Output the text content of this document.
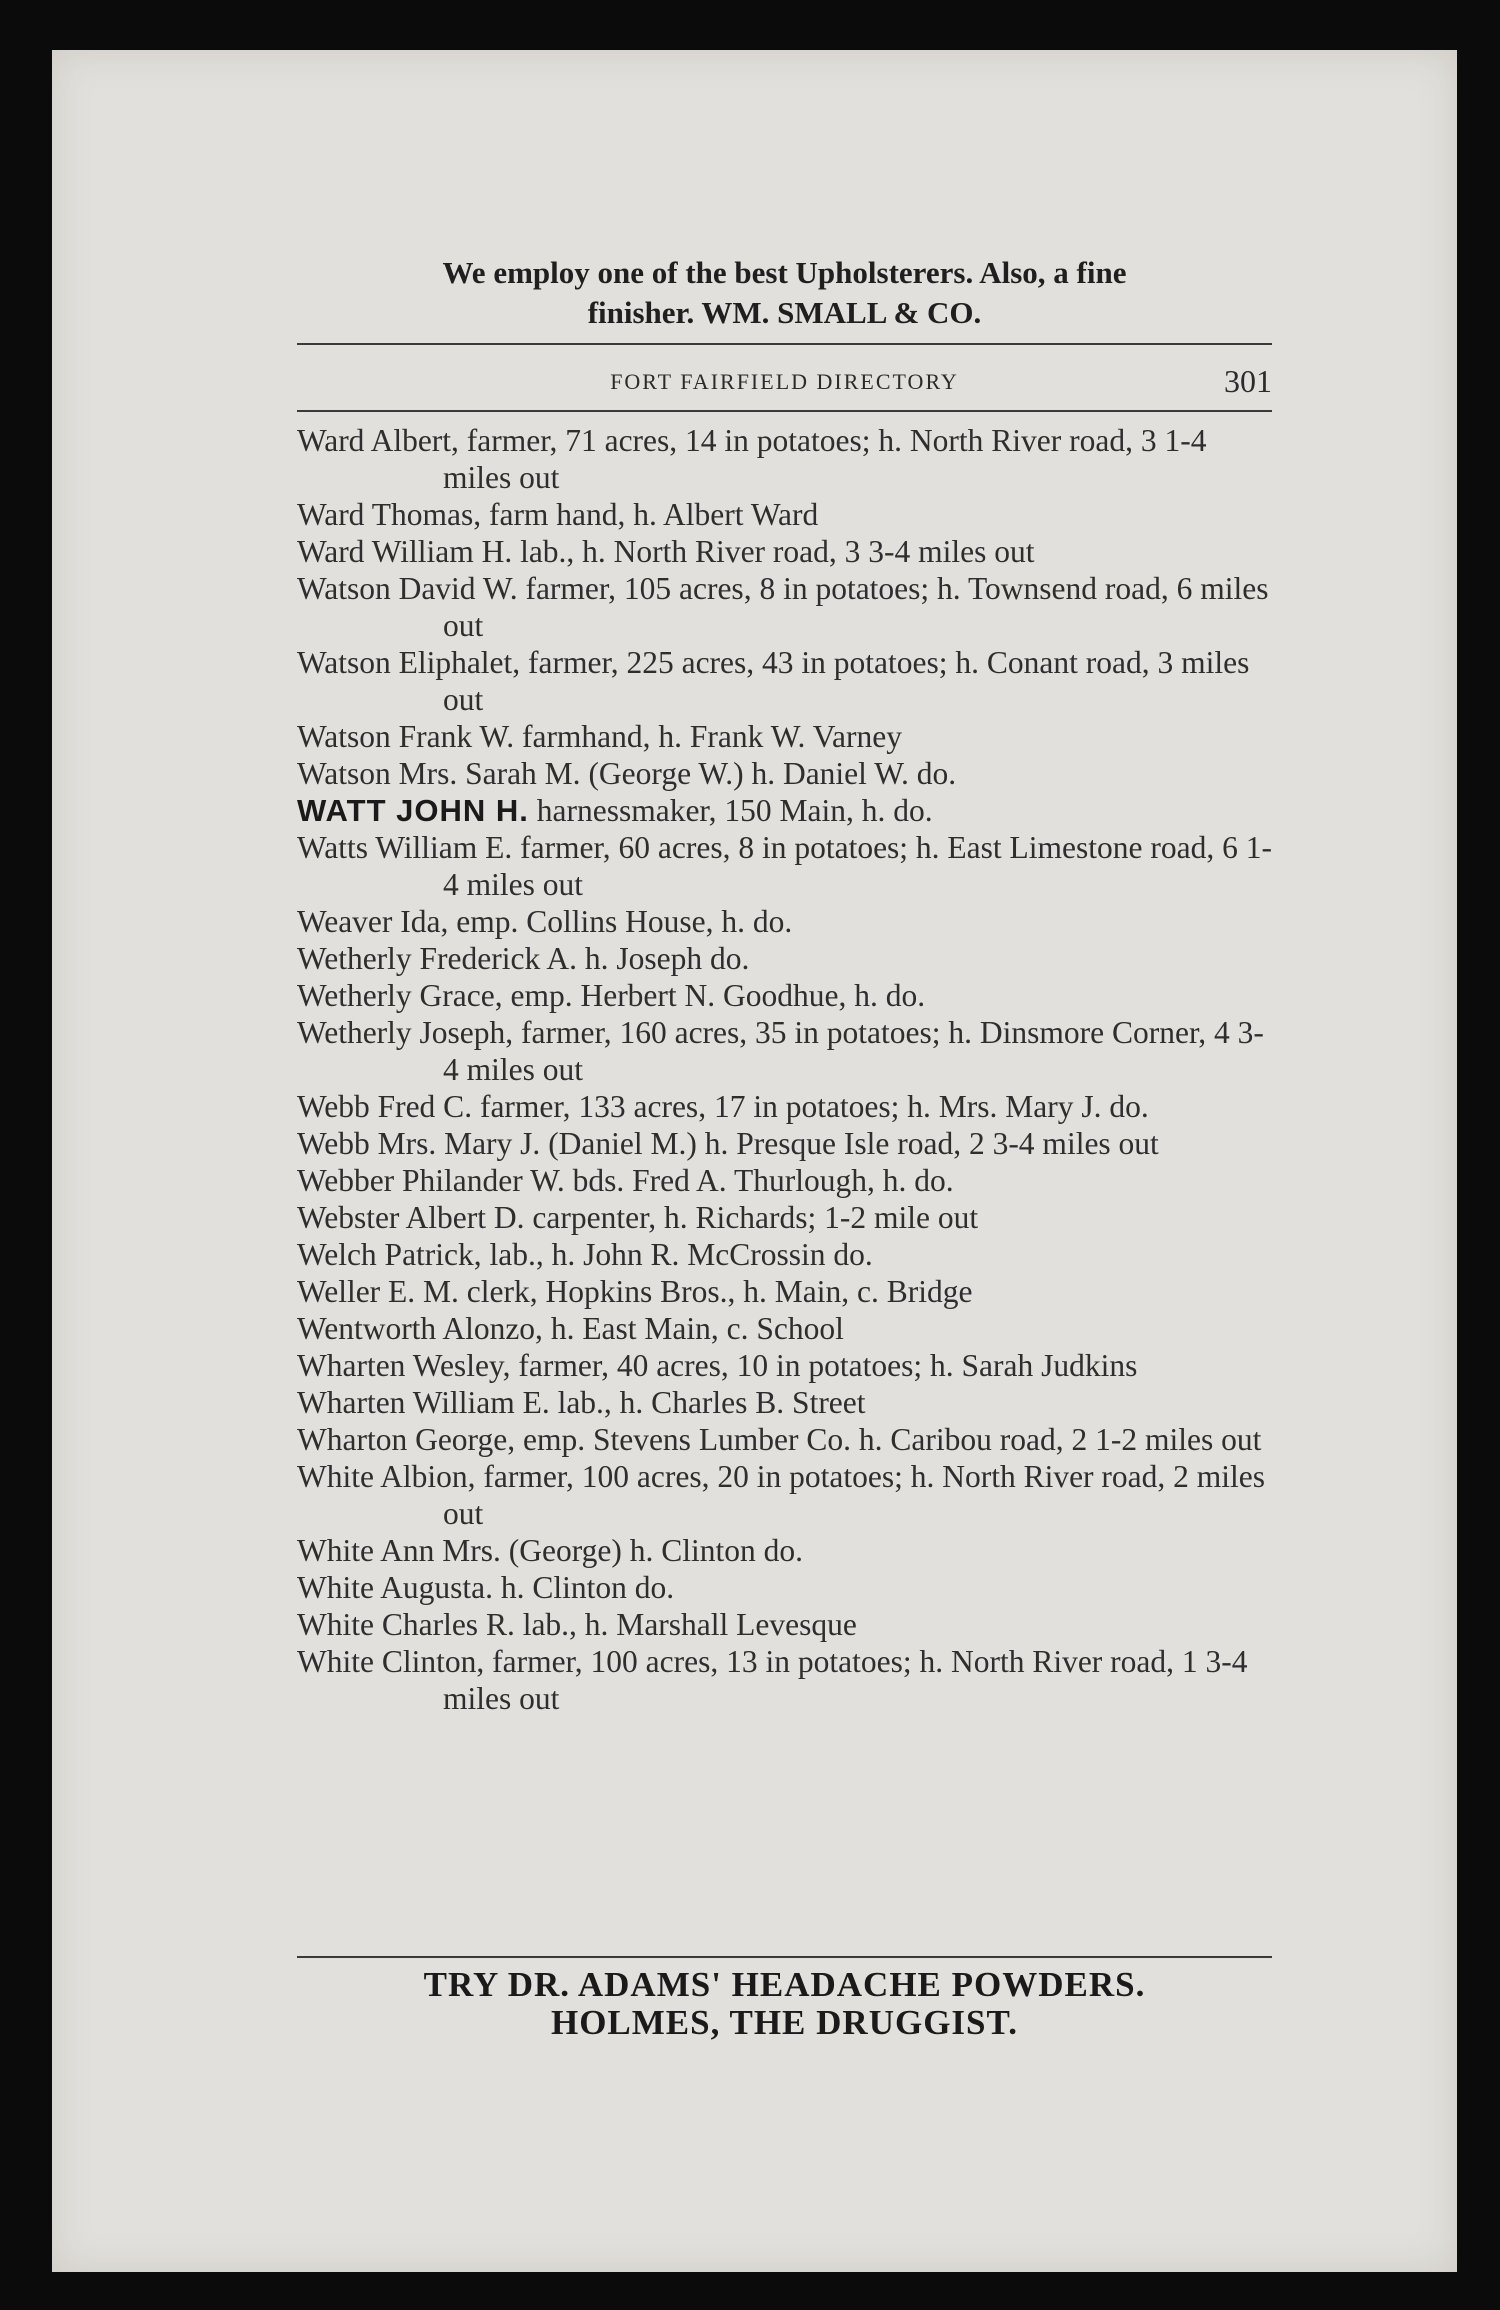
We employ one of the best Upholsterers. Also, a fine
finisher. WM. SMALL & CO.
FORT FAIRFIELD DIRECTORY	301
Ward Albert, farmer, 71 acres, 14 in potatoes; h. North River road, 3 1-4 miles out
Ward Thomas, farm hand, h. Albert Ward
Ward William H. lab., h. North River road, 3 3-4 miles out
Watson David W. farmer, 105 acres, 8 in potatoes; h. Townsend road, 6 miles out
Watson Eliphalet, farmer, 225 acres, 43 in potatoes; h. Conant road, 3 miles out
Watson Frank W. farmhand, h. Frank W. Varney
Watson Mrs. Sarah M. (George W.) h. Daniel W. do.
WATT JOHN H. harnessmaker, 150 Main, h. do.
Watts William E. farmer, 60 acres, 8 in potatoes; h. East Limestone road, 6 1-4 miles out
Weaver Ida, emp. Collins House, h. do.
Wetherly Frederick A. h. Joseph do.
Wetherly Grace, emp. Herbert N. Goodhue, h. do.
Wetherly Joseph, farmer, 160 acres, 35 in potatoes; h. Dinsmore Corner, 4 3-4 miles out
Webb Fred C. farmer, 133 acres, 17 in potatoes; h. Mrs. Mary J. do.
Webb Mrs. Mary J. (Daniel M.) h. Presque Isle road, 2 3-4 miles out
Webber Philander W. bds. Fred A. Thurlough, h. do.
Webster Albert D. carpenter, h. Richards; 1-2 mile out
Welch Patrick, lab., h. John R. McCrossin do.
Weller E. M. clerk, Hopkins Bros., h. Main, c. Bridge
Wentworth Alonzo, h. East Main, c. School
Wharten Wesley, farmer, 40 acres, 10 in potatoes; h. Sarah Judkins
Wharten William E. lab., h. Charles B. Street
Wharton George, emp. Stevens Lumber Co. h. Caribou road, 2 1-2 miles out
White Albion, farmer, 100 acres, 20 in potatoes; h. North River road, 2 miles out
White Ann Mrs. (George) h. Clinton do.
White Augusta. h. Clinton do.
White Charles R. lab., h. Marshall Levesque
White Clinton, farmer, 100 acres, 13 in potatoes; h. North River road, 1 3-4 miles out
TRY DR. ADAMS' HEADACHE POWDERS.
HOLMES, THE DRUGGIST.
